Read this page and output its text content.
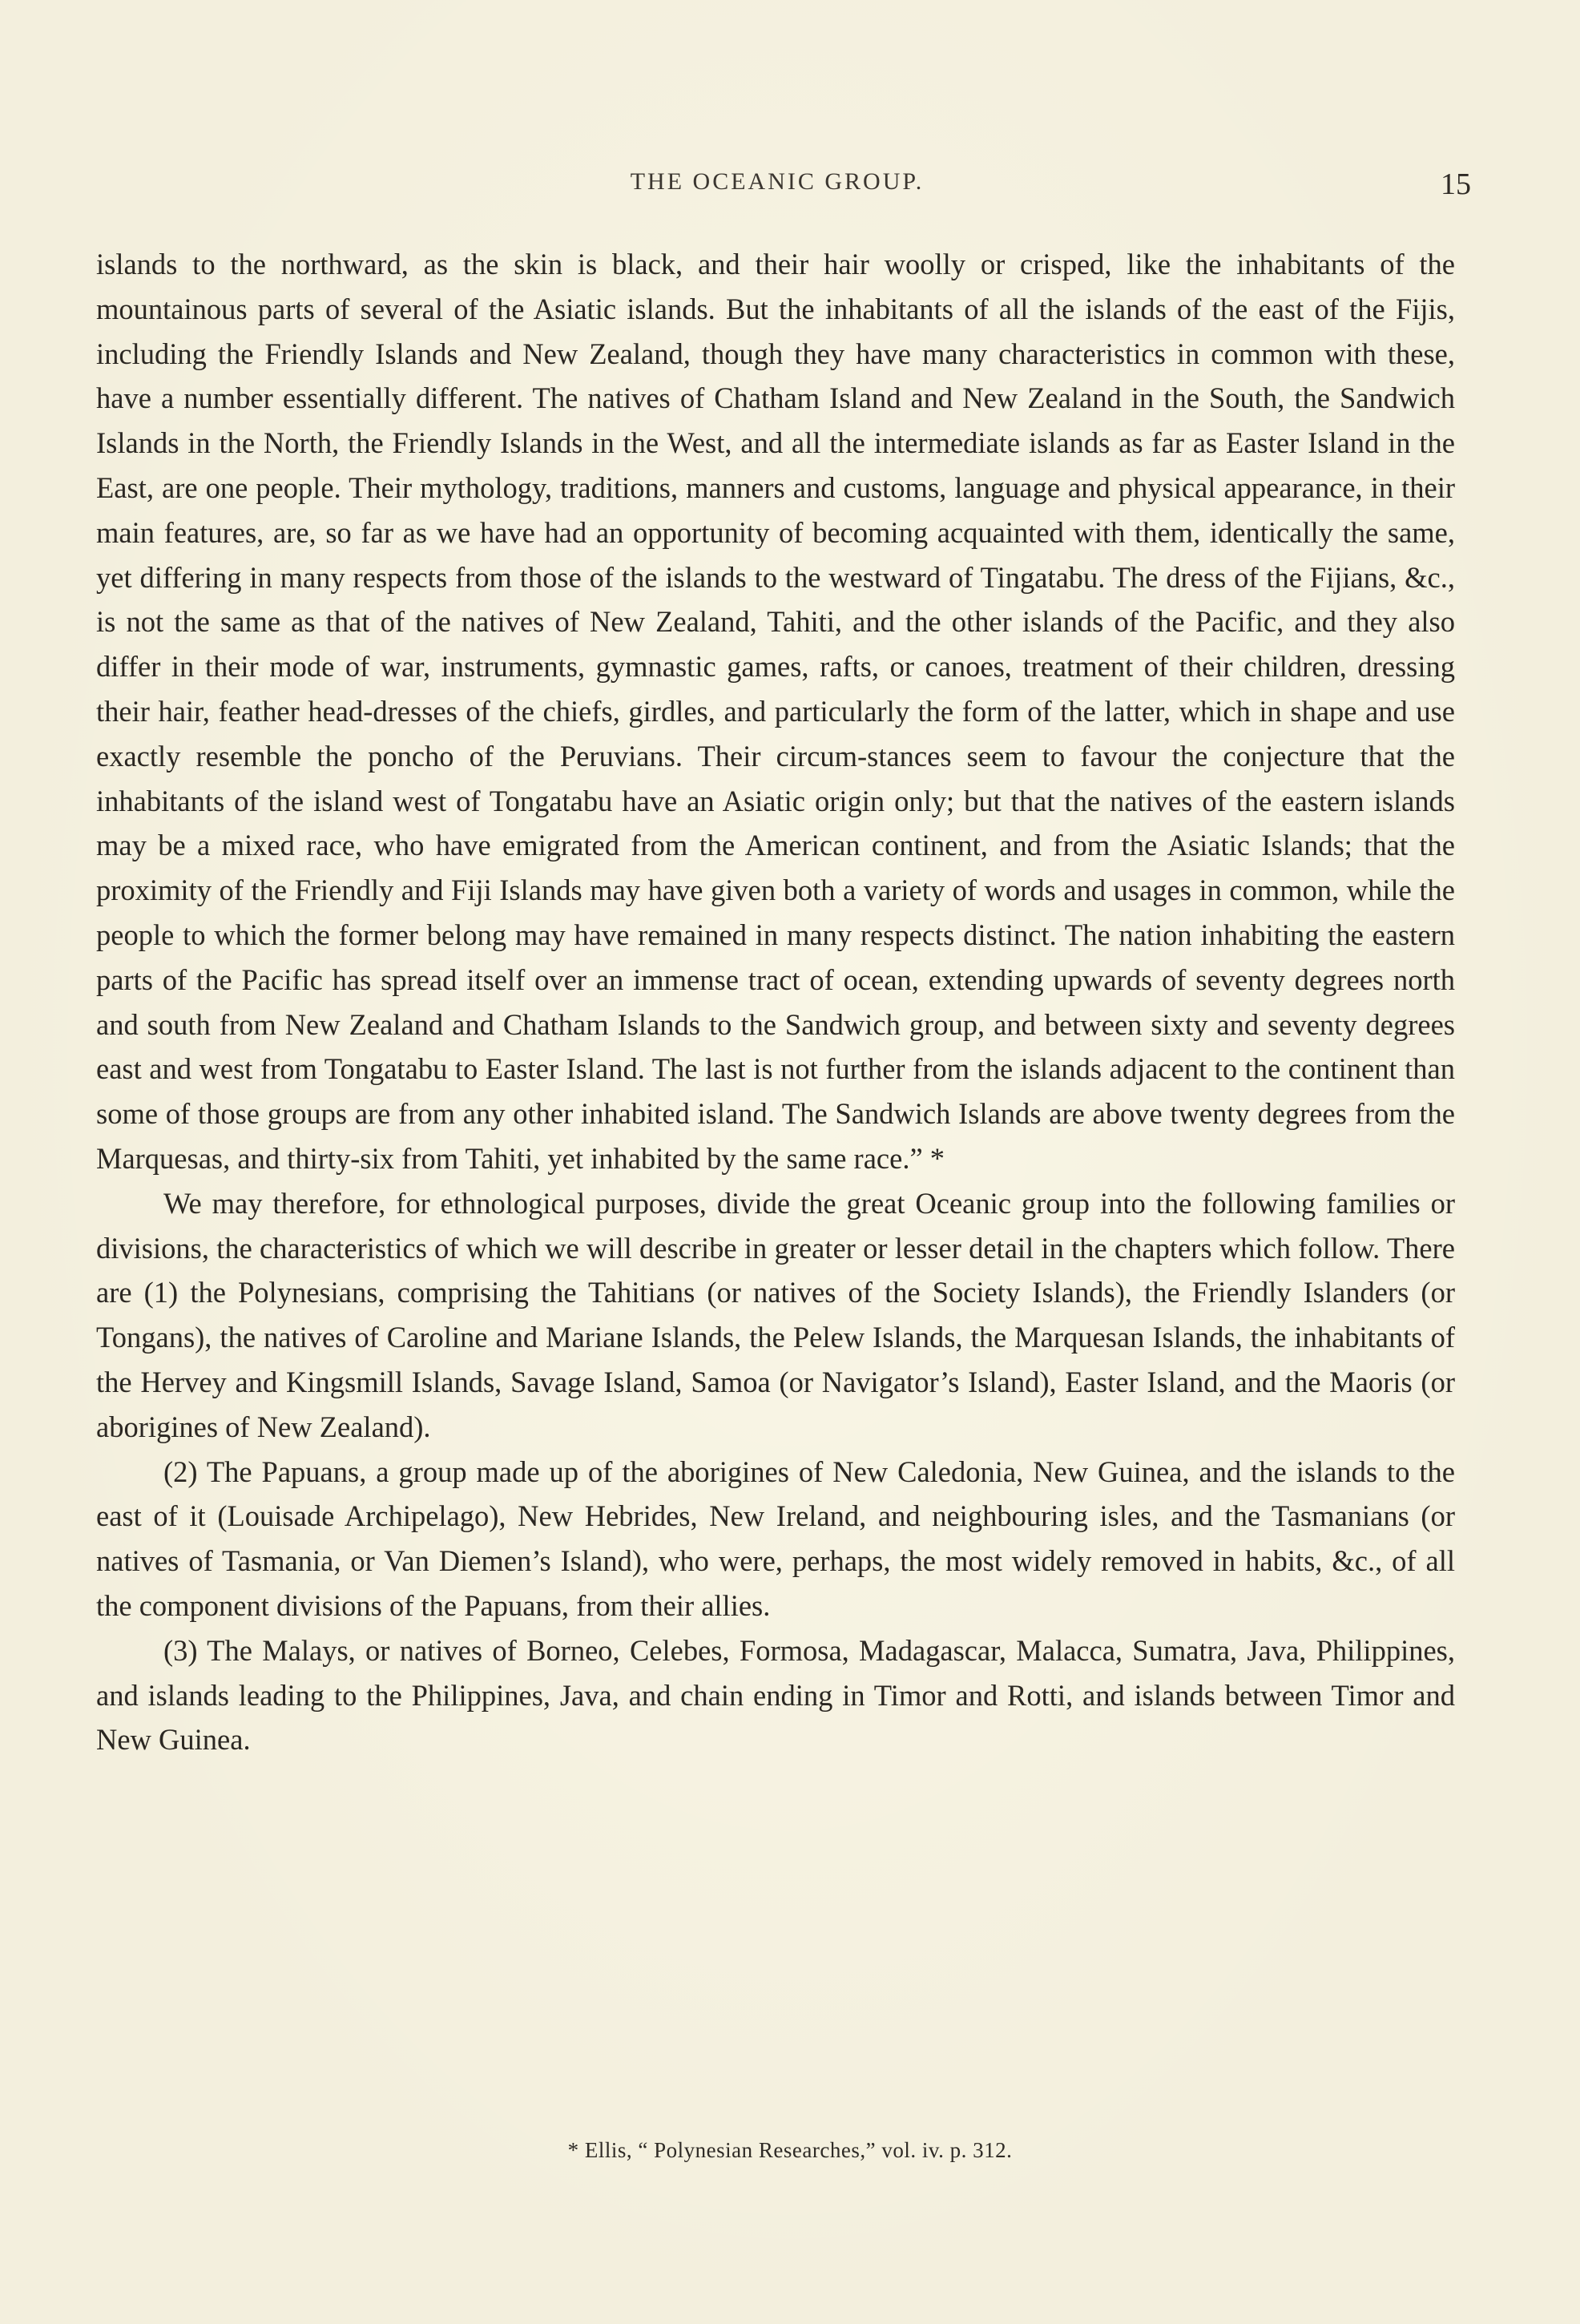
THE OCEANIC GROUP.	15

islands to the northward, as the skin is black, and their hair woolly or crisped, like the inhabitants of the mountainous parts of several of the Asiatic islands. But the inhabitants of all the islands of the east of the Fijis, including the Friendly Islands and New Zealand, though they have many characteristics in common with these, have a number essentially different. The natives of Chatham Island and New Zealand in the South, the Sandwich Islands in the North, the Friendly Islands in the West, and all the intermediate islands as far as Easter Island in the East, are one people. Their mythology, traditions, manners and customs, language and physical appearance, in their main features, are, so far as we have had an opportunity of becoming acquainted with them, identically the same, yet differing in many respects from those of the islands to the westward of Tingatabu. The dress of the Fijians, &c., is not the same as that of the natives of New Zealand, Tahiti, and the other islands of the Pacific, and they also differ in their mode of war, instruments, gymnastic games, rafts, or canoes, treatment of their children, dressing their hair, feather head-dresses of the chiefs, girdles, and particularly the form of the latter, which in shape and use exactly resemble the poncho of the Peruvians. Their circum-stances seem to favour the conjecture that the inhabitants of the island west of Tongatabu have an Asiatic origin only; but that the natives of the eastern islands may be a mixed race, who have emigrated from the American continent, and from the Asiatic Islands; that the proximity of the Friendly and Fiji Islands may have given both a variety of words and usages in common, while the people to which the former belong may have remained in many respects distinct. The nation inhabiting the eastern parts of the Pacific has spread itself over an immense tract of ocean, extending upwards of seventy degrees north and south from New Zealand and Chatham Islands to the Sandwich group, and between sixty and seventy degrees east and west from Tongatabu to Easter Island. The last is not further from the islands adjacent to the continent than some of those groups are from any other inhabited island. The Sandwich Islands are above twenty degrees from the Marquesas, and thirty-six from Tahiti, yet inhabited by the same race.” *

We may therefore, for ethnological purposes, divide the great Oceanic group into the following families or divisions, the characteristics of which we will describe in greater or lesser detail in the chapters which follow. There are (1) the Polynesians, comprising the Tahitians (or natives of the Society Islands), the Friendly Islanders (or Tongans), the natives of Caroline and Mariane Islands, the Pelew Islands, the Marquesan Islands, the inhabitants of the Hervey and Kingsmill Islands, Savage Island, Samoa (or Navigator’s Island), Easter Island, and the Maoris (or aborigines of New Zealand).

(2) The Papuans, a group made up of the aborigines of New Caledonia, New Guinea, and the islands to the east of it (Louisade Archipelago), New Hebrides, New Ireland, and neighbouring isles, and the Tasmanians (or natives of Tasmania, or Van Diemen’s Island), who were, perhaps, the most widely removed in habits, &c., of all the component divisions of the Papuans, from their allies.

(3) The Malays, or natives of Borneo, Celebes, Formosa, Madagascar, Malacca, Sumatra, Java, Philippines, and islands leading to the Philippines, Java, and chain ending in Timor and Rotti, and islands between Timor and New Guinea.

* Ellis, “ Polynesian Researches,” vol. iv. p. 312.
